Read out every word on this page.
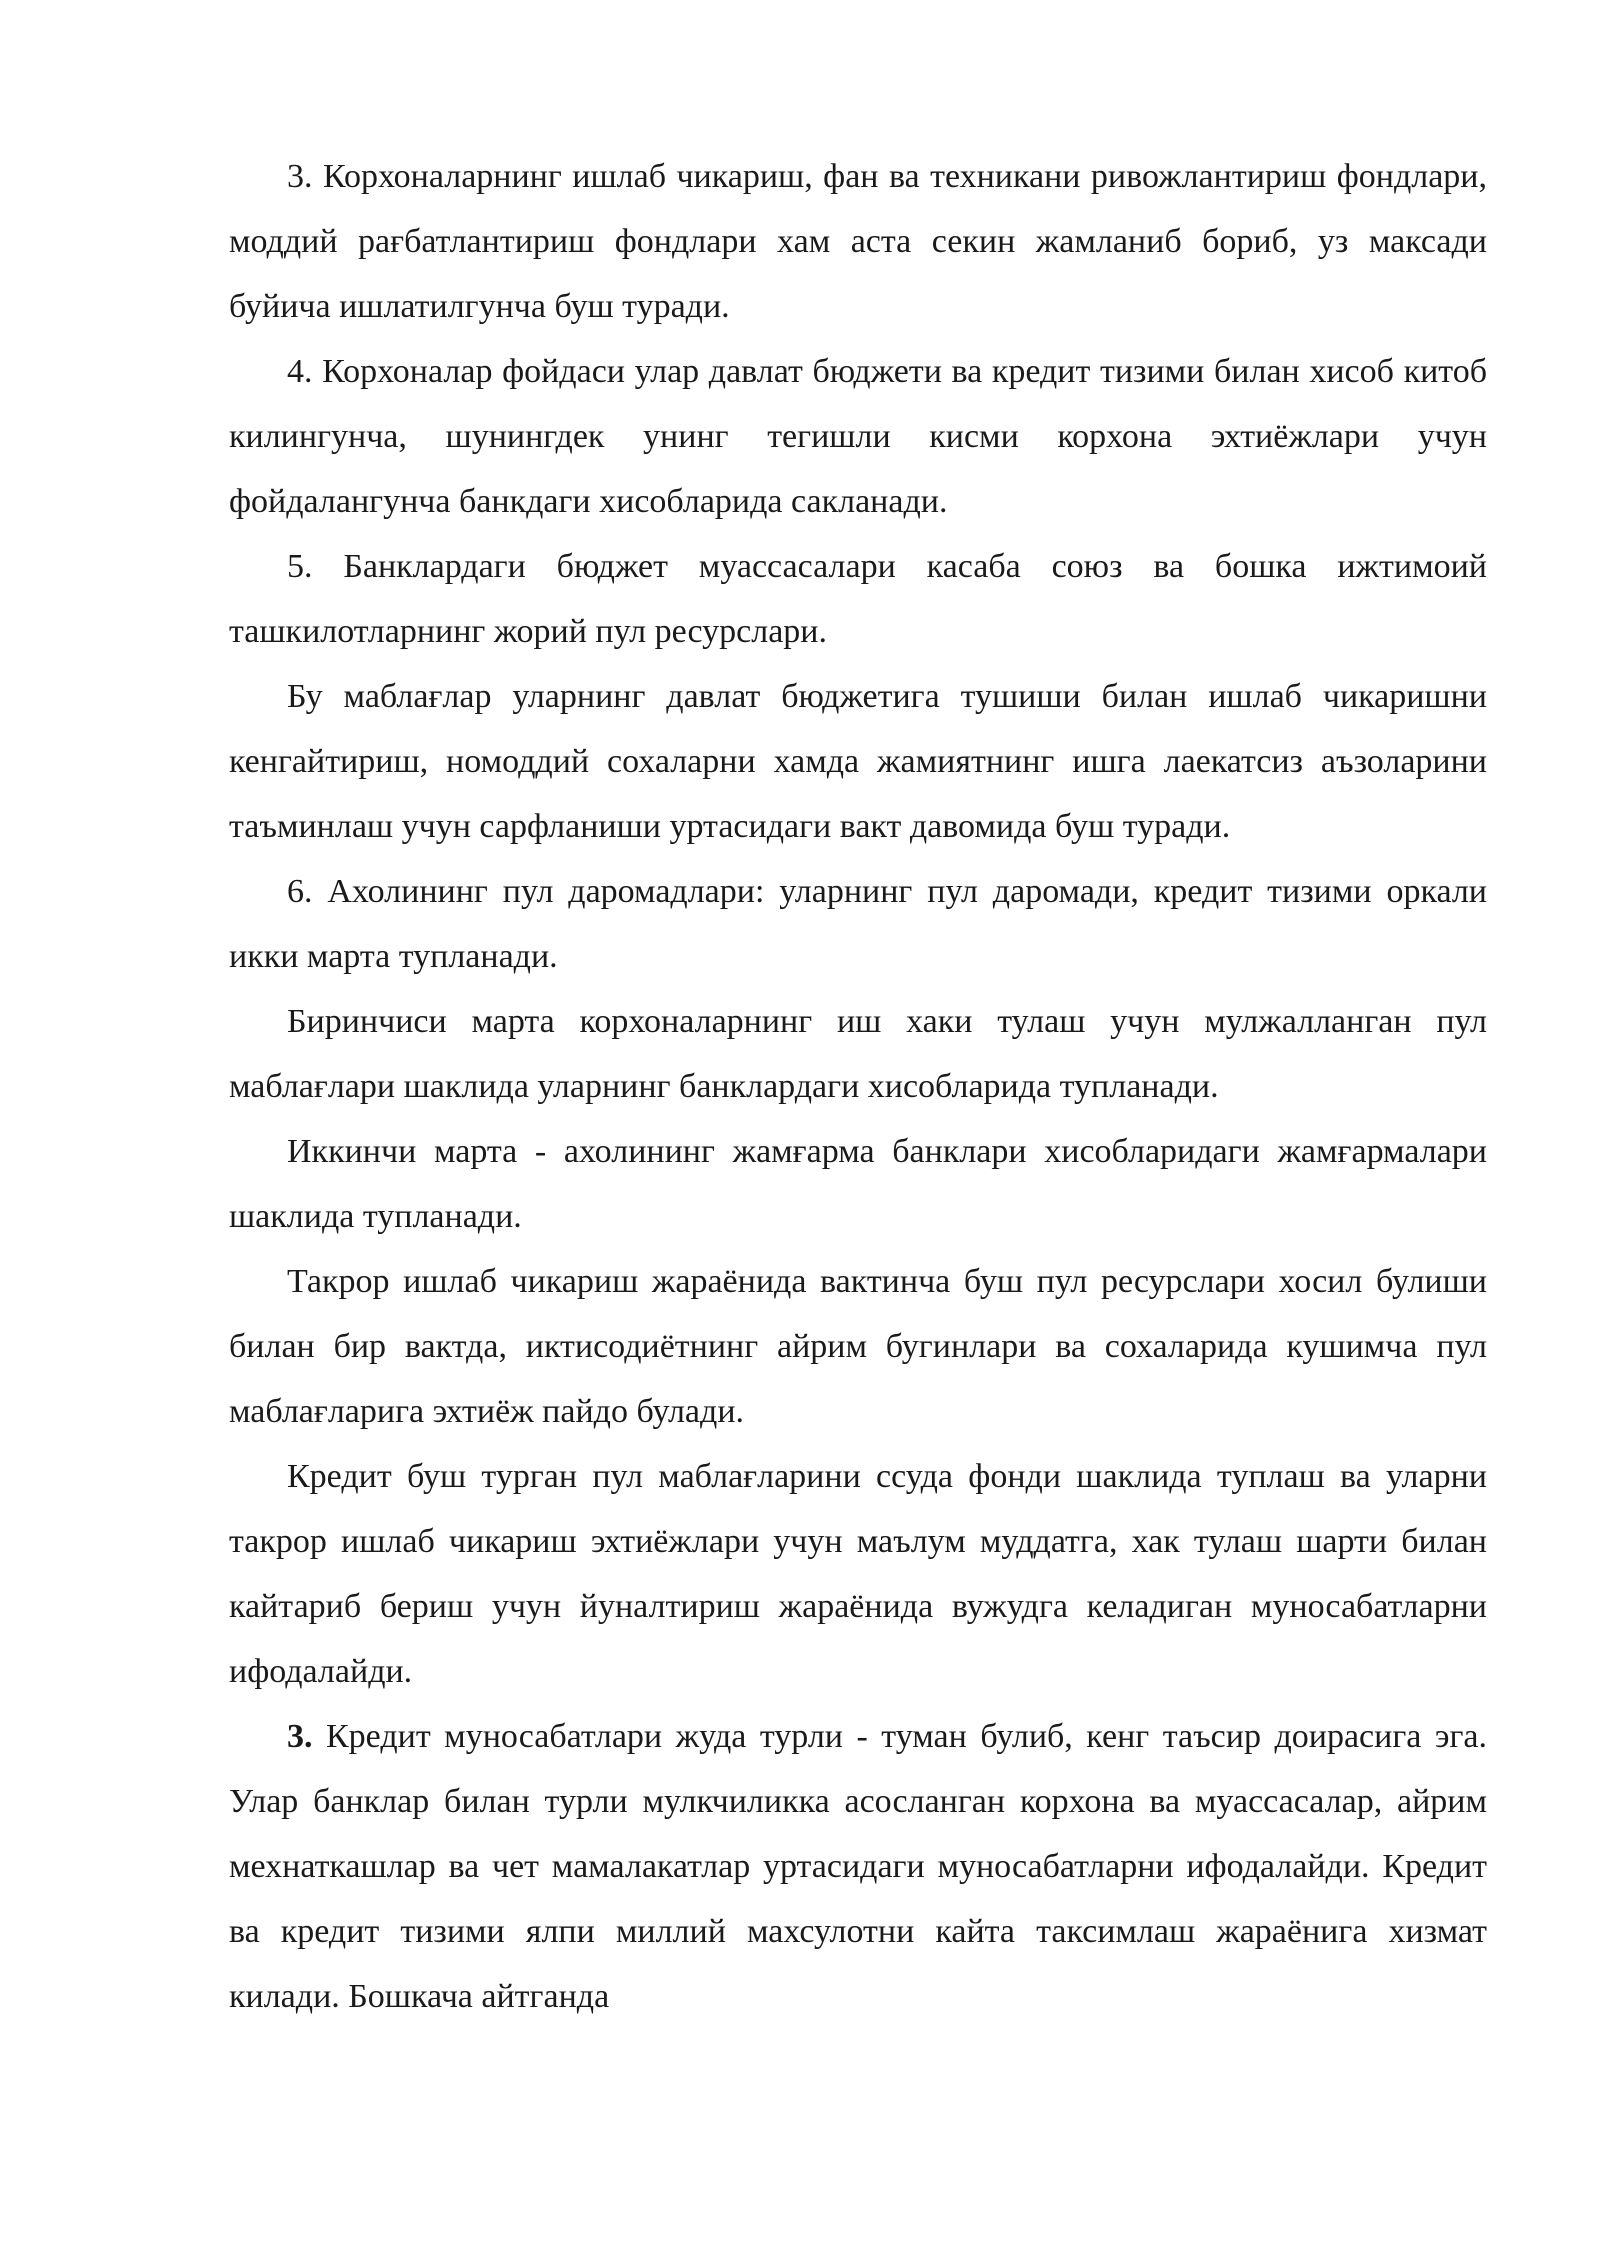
3. Корхоналарнинг ишлаб чикариш, фан ва техникани ривожлантириш фондлари, моддий рағбатлантириш фондлари хам аста секин жамланиб бориб, уз максади буйича ишлатилгунча буш туради.

4. Корхоналар фойдаси улар давлат бюджети ва кредит тизими билан хисоб китоб килингунча, шунингдек унинг тегишли кисми корхона эхтиёжлари учун фойдалангунча банкдаги хисобларида сакланади.

5. Банклардаги бюджет муассасалари касаба союз ва бошка ижтимоий ташкилотларнинг жорий пул ресурслари.

Бу маблағлар уларнинг давлат бюджетига тушиши билан ишлаб чикаришни кенгайтириш, номоддий сохаларни хамда жамиятнинг ишга лаекатсиз аъзоларини таъминлаш учун сарфланиши уртасидаги вакт давомида буш туради.

6. Ахолининг пул даромадлари: уларнинг пул даромади, кредит тизими оркали икки марта тупланади.

Биринчиси марта корхоналарнинг иш хаки тулаш учун мулжалланган пул маблағлари шаклида уларнинг банклардаги хисобларида тупланади.

Иккинчи марта - ахолининг жамғарма банклари хисобларидаги жамғармалари шаклида тупланади.

Такрор ишлаб чикариш жараёнида вактинча буш пул ресурслари хосил булиши билан бир вактда, иктисодиётнинг айрим бугинлари ва сохаларида кушимча пул маблағларига эхтиёж пайдо булади.

Кредит буш турган пул маблағларини ссуда фонди шаклида туплаш ва уларни такрор ишлаб чикариш эхтиёжлари учун маълум муддатга, хак тулаш шарти билан кайтариб бериш учун йуналтириш жараёнида вужудга келадиган муносабатларни ифодалайди.

3. Кредит муносабатлари жуда турли - туман булиб, кенг таъсир доирасига эга. Улар банклар билан турли мулкчиликка асосланган корхона ва муассасалар, айрим мехнаткашлар ва чет мамалакатлар уртасидаги муносабатларни ифодалайди. Кредит ва кредит тизими ялпи миллий махсулотни кайта таксимлаш жараёнига хизмат килади. Бошкача айтганда
